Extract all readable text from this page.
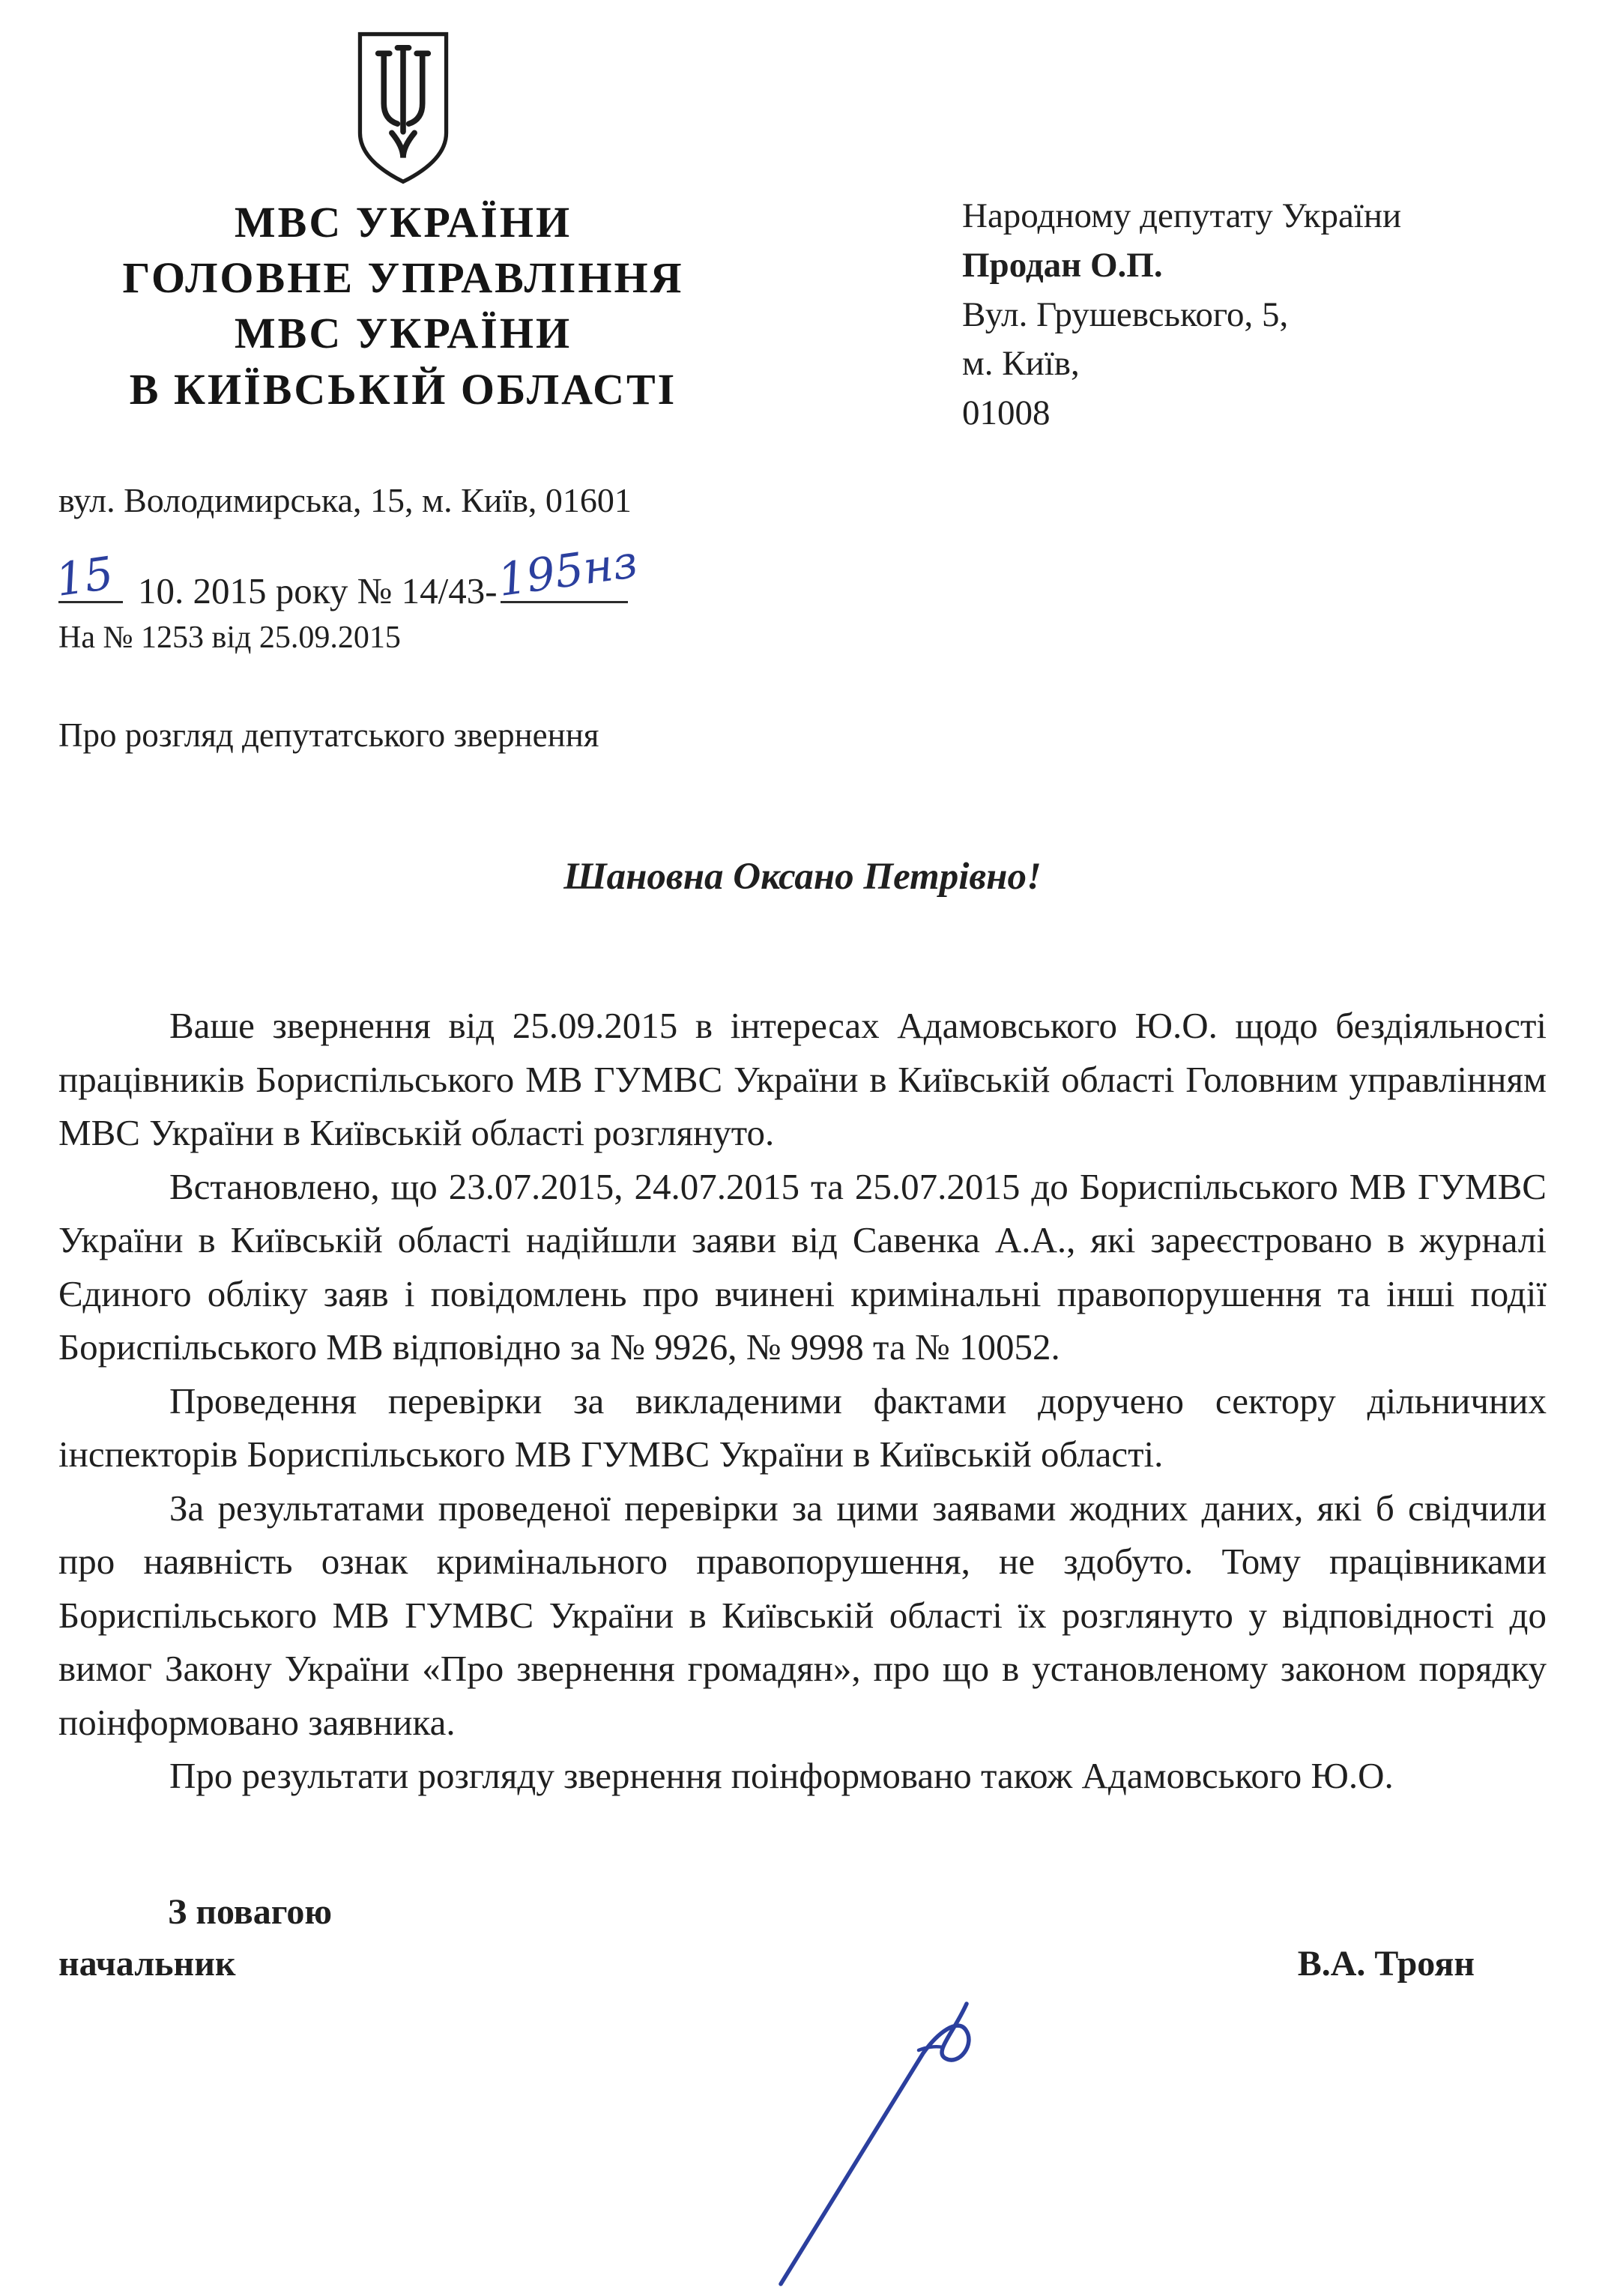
МВС УКРАЇНИ
ГОЛОВНЕ УПРАВЛІННЯ
МВС УКРАЇНИ
В КИЇВСЬКІЙ ОБЛАСТІ
Народному депутату України
Продан О.П.
Вул. Грушевського, 5,
м. Київ,
01008
вул. Володимирська, 15, м. Київ, 01601
15 10. 2015 року № 14/43-
195нз
На № 1253 від 25.09.2015
Про розгляд депутатського звернення
Шановна Оксано Петрівно!

Ваше звернення від 25.09.2015 в інтересах Адамовського Ю.О. щодо бездіяльності працівників Бориспільського МВ ГУМВС України в Київській області Головним управлінням МВС України в Київській області розглянуто.

Встановлено, що 23.07.2015, 24.07.2015 та 25.07.2015 до Бориспільського МВ ГУМВС України в Київській області надійшли заяви від Савенка А.А., які зареєстровано в журналі Єдиного обліку заяв і повідомлень про вчинені кримінальні правопорушення та інші події Бориспільського МВ відповідно за № 9926, № 9998 та № 10052.

Проведення перевірки за викладеними фактами доручено сектору дільничних інспекторів Бориспільського МВ ГУМВС України в Київській області.

За результатами проведеної перевірки за цими заявами жодних даних, які б свідчили про наявність ознак кримінального правопорушення, не здобуто. Тому працівниками Бориспільського МВ ГУМВС України в Київській області їх розглянуто у відповідності до вимог Закону України «Про звернення громадян», про що в установленому законом порядку поінформовано заявника.

Про результати розгляду звернення поінформовано також Адамовського Ю.О.

З повагою
начальник	В.А. Троян
